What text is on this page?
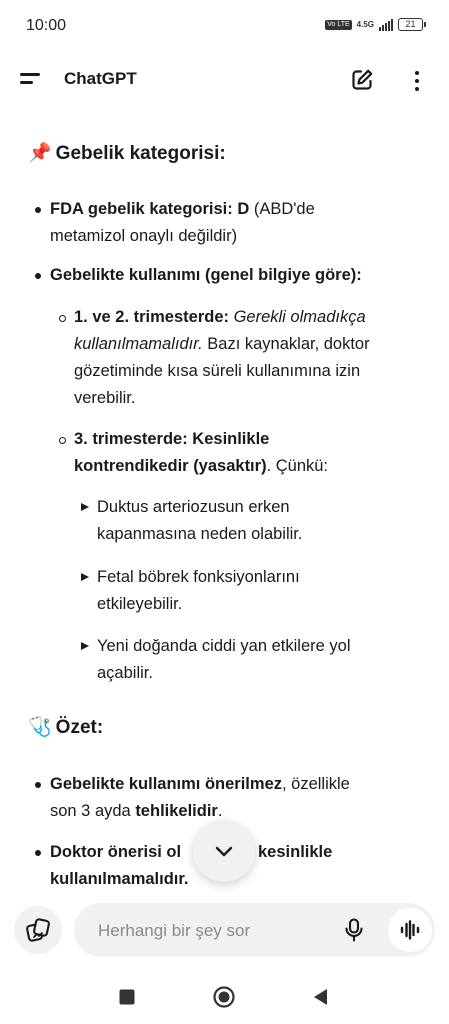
10:00	Vo LTE 4.5G	21
ChatGPT
📌 Gebelik kategorisi:
FDA gebelik kategorisi: D (ABD'de
metamizol onaylı değildir)
Gebelikte kullanımı (genel bilgiye göre):
1. ve 2. trimesterde: Gerekli olmadıkça
kullanılmamalıdır. Bazı kaynaklar, doktor
gözetiminde kısa süreli kullanımına izin
verebilir.
3. trimesterde: Kesinlikle
kontrendikedir (yasaktır). Çünkü:
Duktus arteriozusun erken
kapanmasına neden olabilir.
Fetal böbrek fonksiyonlarını
etkileyebilir.
Yeni doğanda ciddi yan etkilere yol
açabilir.
🩺 Özet:
Gebelikte kullanımı önerilmez, özellikle
son 3 ayda tehlikelidir.
Doktor önerisi ol	kesinlikle
kullanılmamalıdır.
Herhangi bir şey sor
